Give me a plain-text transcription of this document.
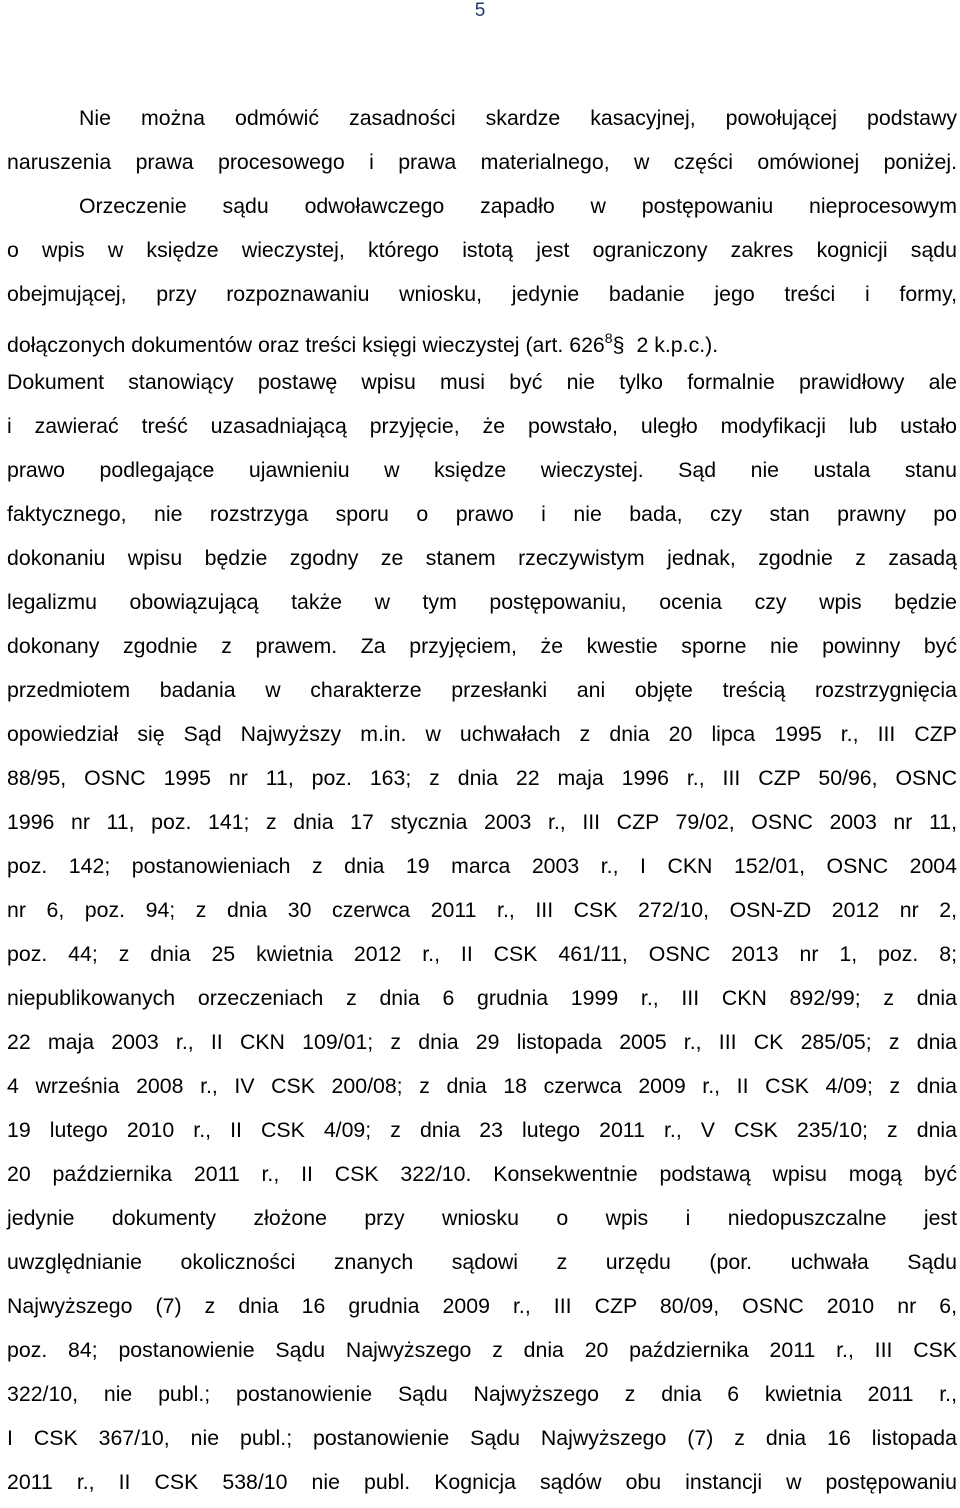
5
Nie można odmówić zasadności skardze kasacyjnej, powołującej podstawy
naruszenia prawa procesowego i prawa materialnego, w części omówionej poniżej.
Orzeczenie sądu odwoławczego zapadło w postępowaniu nieprocesowym
o wpis w księdze wieczystej, którego istotą jest ograniczony zakres kognicji sądu
obejmującej, przy rozpoznawaniu wniosku, jedynie badanie jego treści i formy,
dołączonych dokumentów oraz treści księgi wieczystej (art. $626^8\S$ 2 k.p.c.).
Dokument stanowiący postawę wpisu musi być nie tylko formalnie prawidłowy ale
i zawierać treść uzasadniającą przyjęcie, że powstało, uległo modyfikacji lub ustało
prawo podlegające ujawnieniu w księdze wieczystej. Sąd nie ustala stanu
faktycznego, nie rozstrzyga sporu o prawo i nie bada, czy stan prawny po
dokonaniu wpisu będzie zgodny ze stanem rzeczywistym jednak, zgodnie z zasadą
legalizmu obowiązującą także w tym postępowaniu, ocenia czy wpis będzie
dokonany zgodnie z prawem. Za przyjęciem, że kwestie sporne nie powinny być
przedmiotem badania w charakterze przesłanki ani objęte treścią rozstrzygnięcia
opowiedział się Sąd Najwyższy m.in. w uchwałach z dnia 20 lipca 1995 r., III CZP
88/95, OSNC 1995 nr 11, poz. 163; z dnia 22 maja 1996 r., III CZP 50/96, OSNC
1996 nr 11, poz. 141; z dnia 17 stycznia 2003 r., III CZP 79/02, OSNC 2003 nr 11,
poz. 142; postanowieniach z dnia 19 marca 2003 r., I CKN 152/01, OSNC 2004
nr 6, poz. 94; z dnia 30 czerwca 2011 r., III CSK 272/10, OSN-ZD 2012 nr 2,
poz. 44; z dnia 25 kwietnia 2012 r., II CSK 461/11, OSNC 2013 nr 1, poz. 8;
niepublikowanych orzeczeniach z dnia 6 grudnia 1999 r., III CKN 892/99; z dnia
22 maja 2003 r., II CKN 109/01; z dnia 29 listopada 2005 r., III CK 285/05; z dnia
4 września 2008 r., IV CSK 200/08; z dnia 18 czerwca 2009 r., II CSK 4/09; z dnia
19 lutego 2010 r., II CSK 4/09; z dnia 23 lutego 2011 r., V CSK 235/10; z dnia
20 października 2011 r., II CSK 322/10. Konsekwentnie podstawą wpisu mogą być
jedynie dokumenty złożone przy wniosku o wpis i niedopuszczalne jest
uwzględnianie okoliczności znanych sądowi z urzędu (por. uchwała Sądu
Najwyższego (7) z dnia 16 grudnia 2009 r., III CZP 80/09, OSNC 2010 nr 6,
poz. 84; postanowienie Sądu Najwyższego z dnia 20 października 2011 r., III CSK
322/10, nie publ.; postanowienie Sądu Najwyższego z dnia 6 kwietnia 2011 r.,
I CSK 367/10, nie publ.; postanowienie Sądu Najwyższego (7) z dnia 16 listopada
2011 r., II CSK 538/10 nie publ. Kognicja sądów obu instancji w postępowaniu
